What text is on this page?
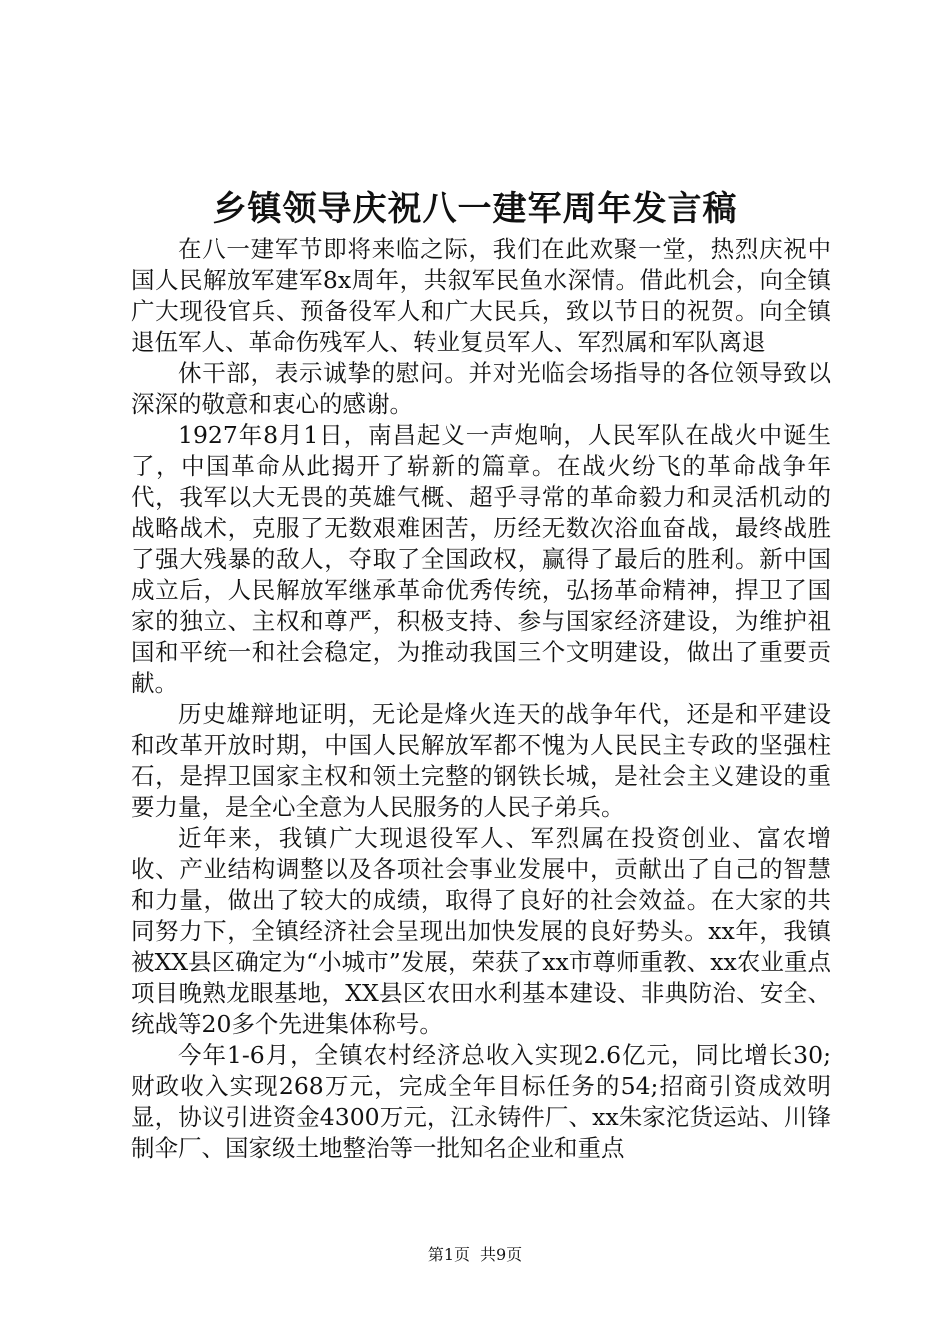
乡镇领导庆祝八一建军周年发言稿

在八一建军节即将来临之际，我们在此欢聚一堂，热烈庆祝中国人民解放军建军8x周年，共叙军民鱼水深情。借此机会，向全镇广大现役官兵、预备役军人和广大民兵，致以节日的祝贺。向全镇退伍军人、革命伤残军人、转业复员军人、军烈属和军队离退

休干部，表示诚挚的慰问。并对光临会场指导的各位领导致以深深的敬意和衷心的感谢。

1927年8月1日，南昌起义一声炮响，人民军队在战火中诞生了，中国革命从此揭开了崭新的篇章。在战火纷飞的革命战争年代，我军以大无畏的英雄气概、超乎寻常的革命毅力和灵活机动的战略战术，克服了无数艰难困苦，历经无数次浴血奋战，最终战胜了强大残暴的敌人，夺取了全国政权，赢得了最后的胜利。新中国成立后，人民解放军继承革命优秀传统，弘扬革命精神，捍卫了国家的独立、主权和尊严，积极支持、参与国家经济建设，为维护祖国和平统一和社会稳定，为推动我国三个文明建设，做出了重要贡献。

历史雄辩地证明，无论是烽火连天的战争年代，还是和平建设和改革开放时期，中国人民解放军都不愧为人民民主专政的坚强柱石，是捍卫国家主权和领土完整的钢铁长城，是社会主义建设的重要力量，是全心全意为人民服务的人民子弟兵。

近年来，我镇广大现退役军人、军烈属在投资创业、富农增收、产业结构调整以及各项社会事业发展中，贡献出了自己的智慧和力量，做出了较大的成绩，取得了良好的社会效益。在大家的共同努力下，全镇经济社会呈现出加快发展的良好势头。xx年，我镇被XX县区确定为“小城市”发展，荣获了xx市尊师重教、xx农业重点项目晚熟龙眼基地，XX县区农田水利基本建设、非典防治、安全、统战等20多个先进集体称号。

今年1-6月，全镇农村经济总收入实现2.6亿元，同比增长30;财政收入实现268万元，完成全年目标任务的54;招商引资成效明显，协议引进资金4300万元，江永铸件厂、xx朱家沱货运站、川锋制伞厂、国家级土地整治等一批知名企业和重点

第1页 共9页
